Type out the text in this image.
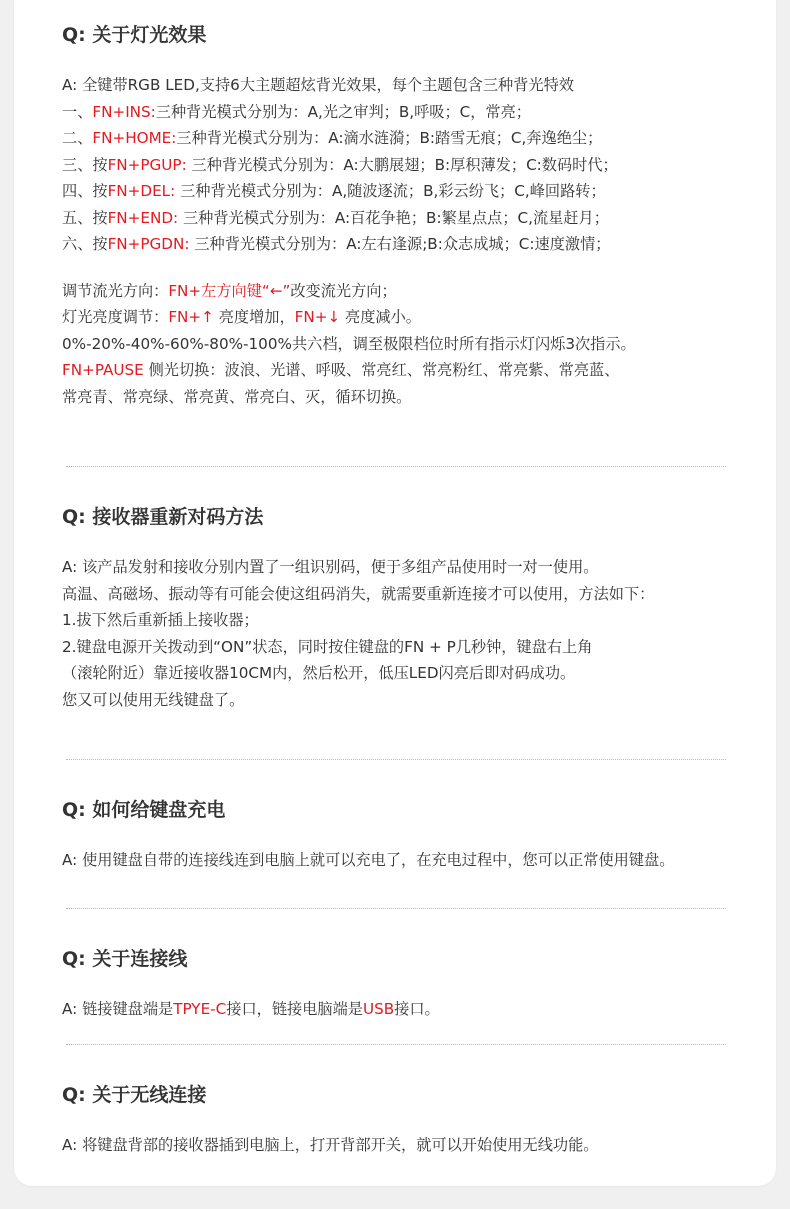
Q: 关于灯光效果
A: 全键带RGB LED,支持6大主题超炫背光效果，每个主题包含三种背光特效
一、FN+INS:三种背光模式分别为：A,光之审判；B,呼吸；C，常亮；
二、FN+HOME:三种背光模式分别为：A:滴水涟漪；B:踏雪无痕；C,奔逸绝尘；
三、按FN+PGUP: 三种背光模式分别为：A:大鹏展翅；B:厚积薄发；C:数码时代；
四、按FN+DEL: 三种背光模式分别为：A,随波逐流；B,彩云纷飞；C,峰回路转；
五、按FN+END: 三种背光模式分别为：A:百花争艳；B:繁星点点；C,流星赶月；
六、按FN+PGDN: 三种背光模式分别为：A:左右逢源;B:众志成城；C:速度激情；
调节流光方向：FN+左方向键“←”改变流光方向；
灯光亮度调节：FN+↑ 亮度增加，FN+↓ 亮度减小。
0%-20%-40%-60%-80%-100%共六档，调至极限档位时所有指示灯闪烁3次指示。
FN+PAUSE 侧光切换：波浪、光谱、呼吸、常亮红、常亮粉红、常亮紫、常亮蓝、
常亮青、常亮绿、常亮黄、常亮白、灭，循环切换。
Q: 接收器重新对码方法
A: 该产品发射和接收分别内置了一组识别码，便于多组产品使用时一对一使用。
高温、高磁场、振动等有可能会使这组码消失，就需要重新连接才可以使用，方法如下：
1.拔下然后重新插上接收器；
2.键盘电源开关拨动到“ON”状态，同时按住键盘的FN + P几秒钟，键盘右上角
（滚轮附近）靠近接收器10CM内，然后松开，低压LED闪亮后即对码成功。
您又可以使用无线键盘了。
Q: 如何给键盘充电
A: 使用键盘自带的连接线连到电脑上就可以充电了，在充电过程中，您可以正常使用键盘。
Q: 关于连接线
A: 链接键盘端是TPYE-C接口，链接电脑端是USB接口。
Q: 关于无线连接
A: 将键盘背部的接收器插到电脑上，打开背部开关，就可以开始使用无线功能。
